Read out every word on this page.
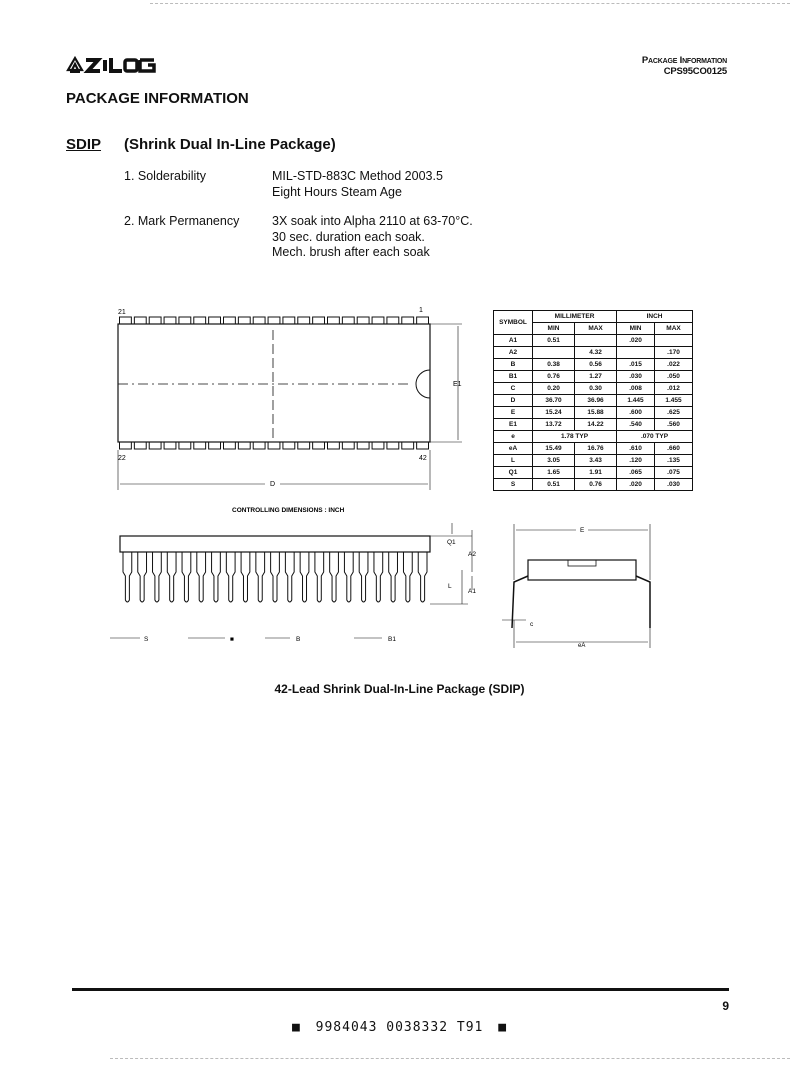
Package Information
CPS95CO0125
PACKAGE INFORMATION
SDIP (Shrink Dual In-Line Package)
1. Solderability	MIL-STD-883C Method 2003.5
Eight Hours Steam Age
2. Mark Permanency	3X soak into Alpha 2110 at 63-70°C.
30 sec. duration each soak.
Mech. brush after each soak
E1
21	1
22	42
D
CONTROLLING DIMENSIONS : INCH
SYMBOL	MILLIMETER		INCH	
	MIN	MAX	MIN	MAX
A1	0.51		.020	
A2		4.32		.170
B	0.38	0.56	.015	.022
B1	0.76	1.27	.030	.050
C	0.20	0.30	.008	.012
D	36.70	36.96	1.445	1.455
E	15.24	15.88	.600	.625
E1	13.72	14.22	.540	.560
e	1.78 TYP		.070 TYP	
eA	15.49	16.76	.610	.660
L	3.05	3.43	.120	.135
Q1	1.65	1.91	.065	.075
S	0.51	0.76	.020	.030
Q1
A2
L
A1
S	■	B	B1
E
c
eA
42-Lead Shrink Dual-In-Line Package (SDIP)
9
■ 9984043 0038332 T91 ■
